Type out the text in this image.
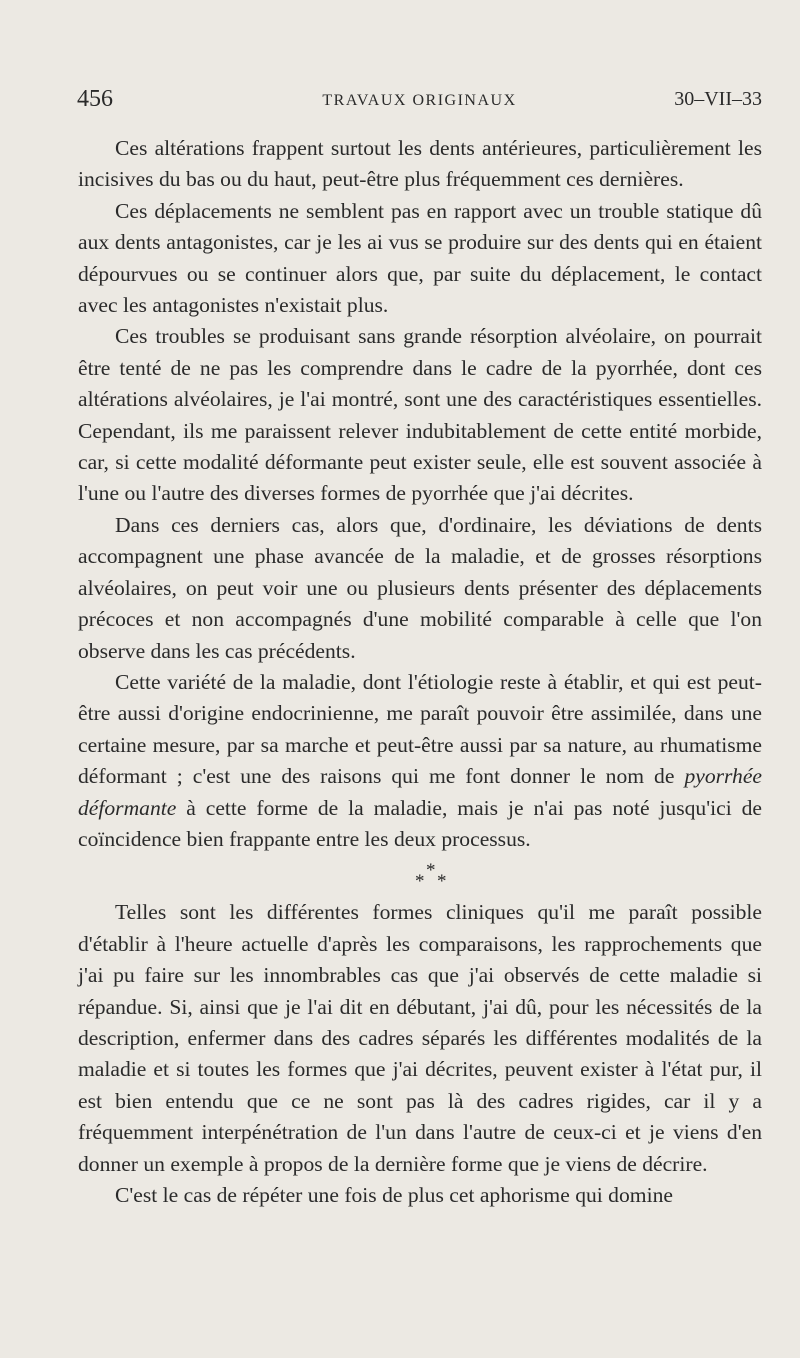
456	TRAVAUX ORIGINAUX	30–VII–33

Ces altérations frappent surtout les dents antérieures, particulièrement les incisives du bas ou du haut, peut-être plus fréquemment ces dernières.

Ces déplacements ne semblent pas en rapport avec un trouble statique dû aux dents antagonistes, car je les ai vus se produire sur des dents qui en étaient dépourvues ou se continuer alors que, par suite du déplacement, le contact avec les antagonistes n'existait plus.

Ces troubles se produisant sans grande résorption alvéolaire, on pourrait être tenté de ne pas les comprendre dans le cadre de la pyorrhée, dont ces altérations alvéolaires, je l'ai montré, sont une des caractéristiques essentielles. Cependant, ils me paraissent relever indubitablement de cette entité morbide, car, si cette modalité déformante peut exister seule, elle est souvent associée à l'une ou l'autre des diverses formes de pyorrhée que j'ai décrites.

Dans ces derniers cas, alors que, d'ordinaire, les déviations de dents accompagnent une phase avancée de la maladie, et de grosses résorptions alvéolaires, on peut voir une ou plusieurs dents présenter des déplacements précoces et non accompagnés d'une mobilité comparable à celle que l'on observe dans les cas précédents.

Cette variété de la maladie, dont l'étiologie reste à établir, et qui est peut-être aussi d'origine endocrinienne, me paraît pouvoir être assimilée, dans une certaine mesure, par sa marche et peut-être aussi par sa nature, au rhumatisme déformant ; c'est une des raisons qui me font donner le nom de pyorrhée déformante à cette forme de la maladie, mais je n'ai pas noté jusqu'ici de coïncidence bien frappante entre les deux processus.

*
* *

Telles sont les différentes formes cliniques qu'il me paraît possible d'établir à l'heure actuelle d'après les comparaisons, les rapprochements que j'ai pu faire sur les innombrables cas que j'ai observés de cette maladie si répandue. Si, ainsi que je l'ai dit en débutant, j'ai dû, pour les nécessités de la description, enfermer dans des cadres séparés les différentes modalités de la maladie et si toutes les formes que j'ai décrites, peuvent exister à l'état pur, il est bien entendu que ce ne sont pas là des cadres rigides, car il y a fréquemment interpénétration de l'un dans l'autre de ceux-ci et je viens d'en donner un exemple à propos de la dernière forme que je viens de décrire.

C'est le cas de répéter une fois de plus cet aphorisme qui domine
